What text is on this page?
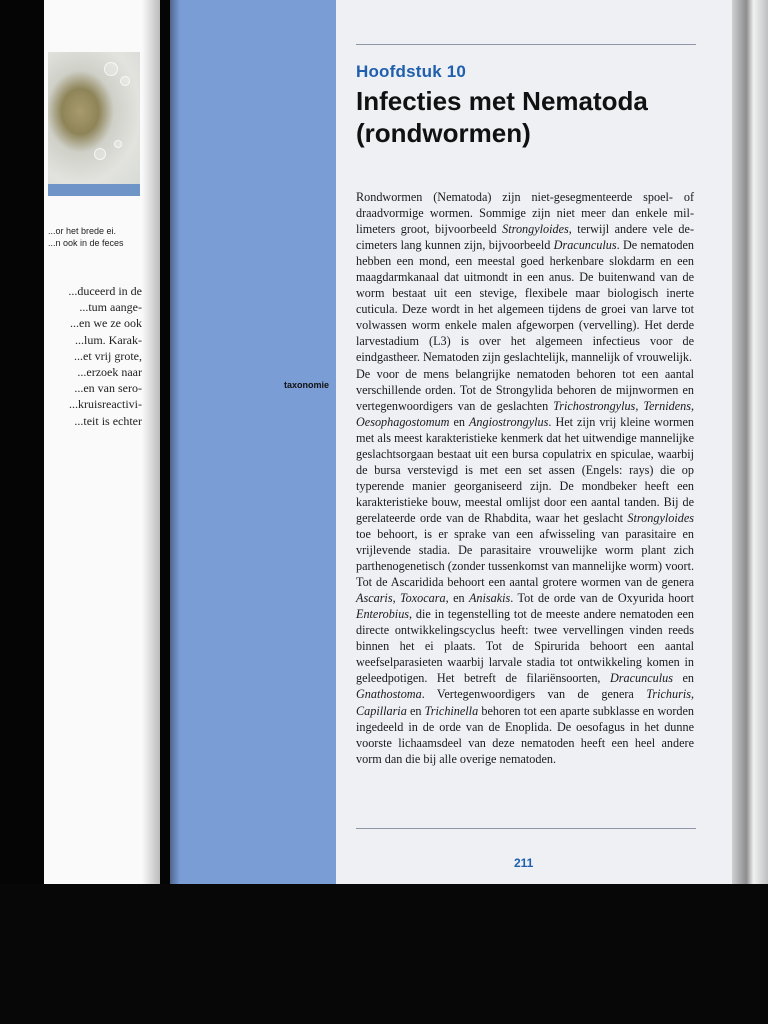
...or het brede ei.
...n ook in de feces
...duceerd in de
...tum aange-
...en we ze ook
...lum. Karak-
...et vrij grote,
...erzoek naar
...en van sero-
...kruisreactivi-
...teit is echter
Hoofdstuk 10
Infecties met Nematoda
(rondwormen)
taxonomie

Rondwormen (Nematoda) zijn niet-gesegmenteerde spoel- of draadvormige wormen. Sommige zijn niet meer dan enkele millimeters groot, bijvoorbeeld Strongyloides, terwijl andere vele decimeters lang kunnen zijn, bijvoorbeeld Dracunculus. De nematoden hebben een mond, een meestal goed herkenbare slokdarm en een maagdarmkanaal dat uitmondt in een anus. De buitenwand van de worm bestaat uit een stevige, flexibele maar biologisch inerte cuticula. Deze wordt in het algemeen tijdens de groei van larve tot volwassen worm enkele malen afgeworpen (vervelling). Het derde larvestadium (L3) is over het algemeen infectieus voor de eindgastheer. Nematoden zijn geslachtelijk, mannelijk of vrouwelijk.

De voor de mens belangrijke nematoden behoren tot een aantal verschillende orden. Tot de Strongylida behoren de mijnwormen en vertegenwoordigers van de geslachten Trichostrongylus, Ternidens, Oesophagostomum en Angiostrongylus. Het zijn vrij kleine wormen met als meest karakteristieke kenmerk dat het uitwendige mannelijke geslachtsorgaan bestaat uit een bursa copulatrix en spiculae, waarbij de bursa verstevigd is met een set assen (Engels: rays) die op typerende manier georganiseerd zijn. De mondbeker heeft een karakteristieke bouw, meestal omlijst door een aantal tanden. Bij de gerelateerde orde van de Rhabdita, waar het geslacht Strongyloides toe behoort, is er sprake van een afwisseling van parasitaire en vrijlevende stadia. De parasitaire vrouwelijke worm plant zich parthenogenetisch (zonder tussenkomst van mannelijke worm) voort. Tot de Ascaridida behoort een aantal grotere wormen van de genera Ascaris, Toxocara, en Anisakis. Tot de orde van de Oxyurida hoort Enterobius, die in tegenstelling tot de meeste andere nematoden een directe ontwikkelingscyclus heeft: twee vervellingen vinden reeds binnen het ei plaats. Tot de Spirurida behoort een aantal weefselparasieten waarbij larvale stadia tot ontwikkeling komen in geleedpotigen. Het betreft de filariënsoorten, Dracunculus en Gnathostoma. Vertegenwoordigers van de genera Trichuris, Capillaria en Trichinella behoren tot een aparte subklasse en worden ingedeeld in de orde van de Enoplida. De oesofagus in het dunne voorste lichaamsdeel van deze nematoden heeft een heel andere vorm dan die bij alle overige nematoden.

211
